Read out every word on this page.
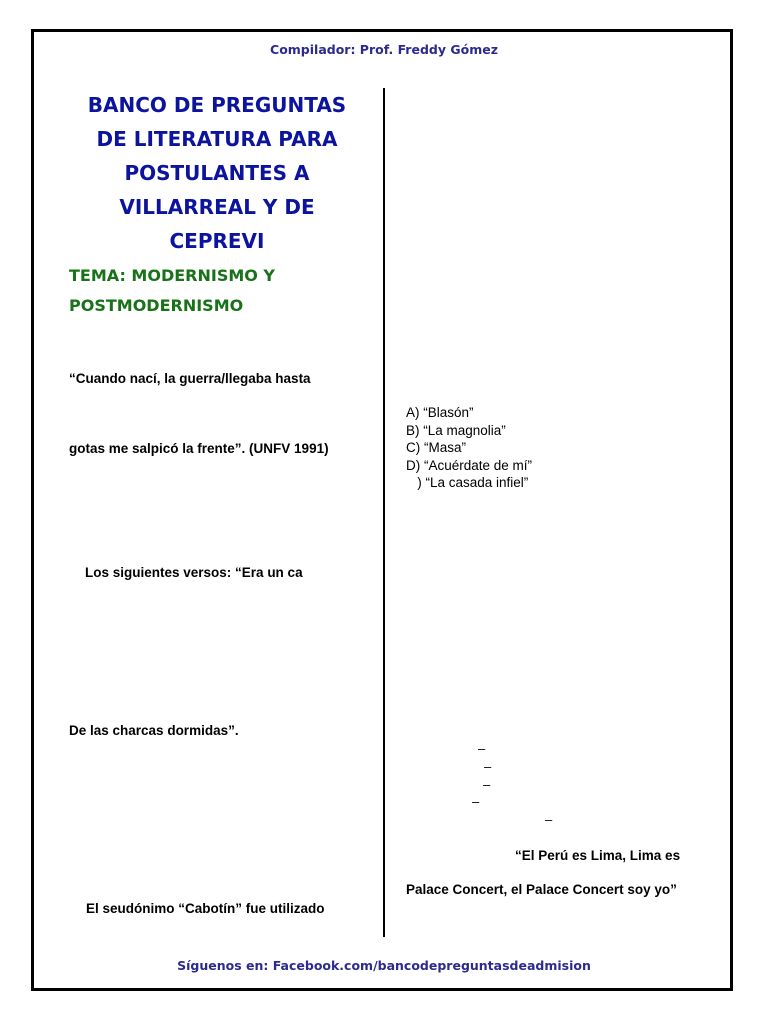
Compilador: Prof. Freddy Gómez
BANCO DE PREGUNTAS
DE LITERATURA PARA
POSTULANTES A
VILLARREAL Y DE
CEPREVI
TEMA: MODERNISMO Y
POSTMODERNISMO
“Cuando nací, la guerra/llegaba hasta
gotas me salpicó la frente”. (UNFV 1991)
Los siguientes versos: “Era un ca
De las charcas dormidas”.
El seudónimo “Cabotín” fue utilizado
A) “Blasón”
B) “La magnolia”
C) “Masa”
D) “Acuérdate de mí”
) “La casada infiel”
–
–
–
–
–
“El Perú es Lima, Lima es
Palace Concert, el Palace Concert soy yo”
Síguenos en: Facebook.com/bancodepreguntasdeadmision
